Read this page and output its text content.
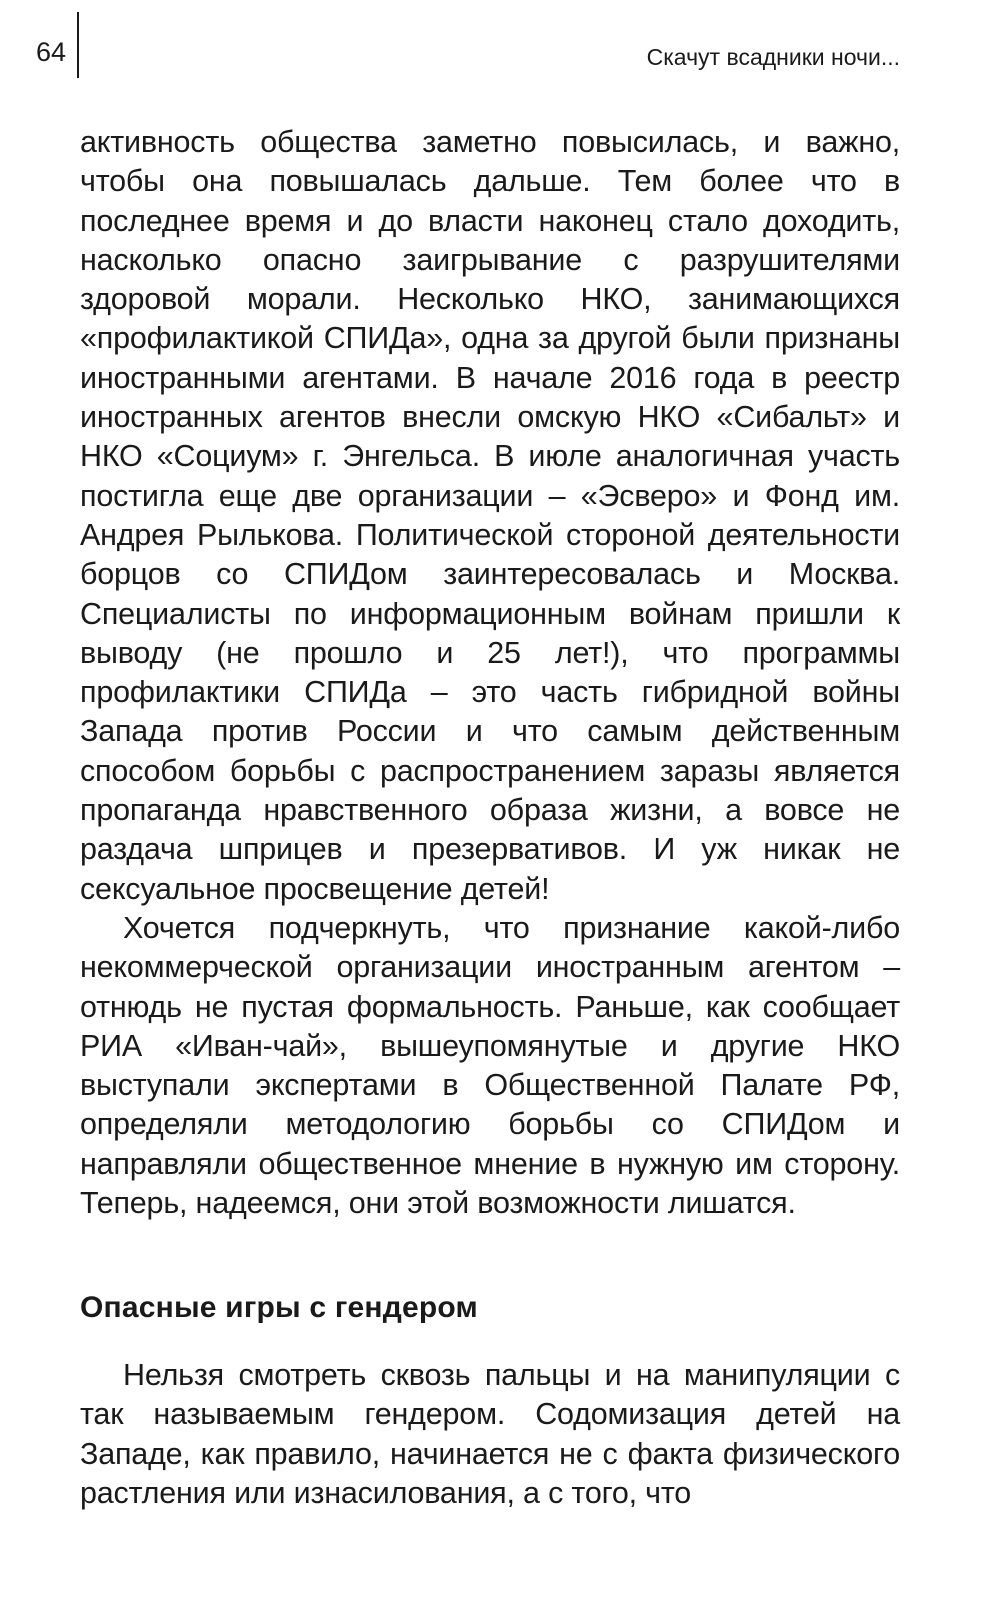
64	Скачут всадники ночи...

активность общества заметно повысилась, и важно, чтобы она повышалась дальше. Тем более что в последнее время и до власти наконец стало доходить, насколько опасно заигрывание с разрушителями здоровой морали. Несколько НКО, занимающихся «профилактикой СПИДа», одна за другой были признаны иностранными агентами. В начале 2016 года в реестр иностранных агентов внесли омскую НКО «Сибальт» и НКО «Социум» г. Энгельса. В июле аналогичная участь постигла еще две организации – «Эсверо» и Фонд им. Андрея Рылькова. Политической стороной деятельности борцов со СПИДом заинтересовалась и Москва. Специалисты по информационным войнам пришли к выводу (не прошло и 25 лет!), что программы профилактики СПИДа – это часть гибридной войны Запада против России и что самым действенным способом борьбы с распространением заразы является пропаганда нравственного образа жизни, а вовсе не раздача шприцев и презервативов. И уж никак не сексуальное просвещение детей!

Хочется подчеркнуть, что признание какой-либо некоммерческой организации иностранным агентом – отнюдь не пустая формальность. Раньше, как сообщает РИА «Иван-чай», вышеупомянутые и другие НКО выступали экспертами в Общественной Палате РФ, определяли методологию борьбы со СПИДом и направляли общественное мнение в нужную им сторону. Теперь, надеемся, они этой возможности лишатся.

Опасные игры с гендером

Нельзя смотреть сквозь пальцы и на манипуляции с так называемым гендером. Содомизация детей на Западе, как правило, начинается не с факта физического растления или изнасилования, а с того, что
